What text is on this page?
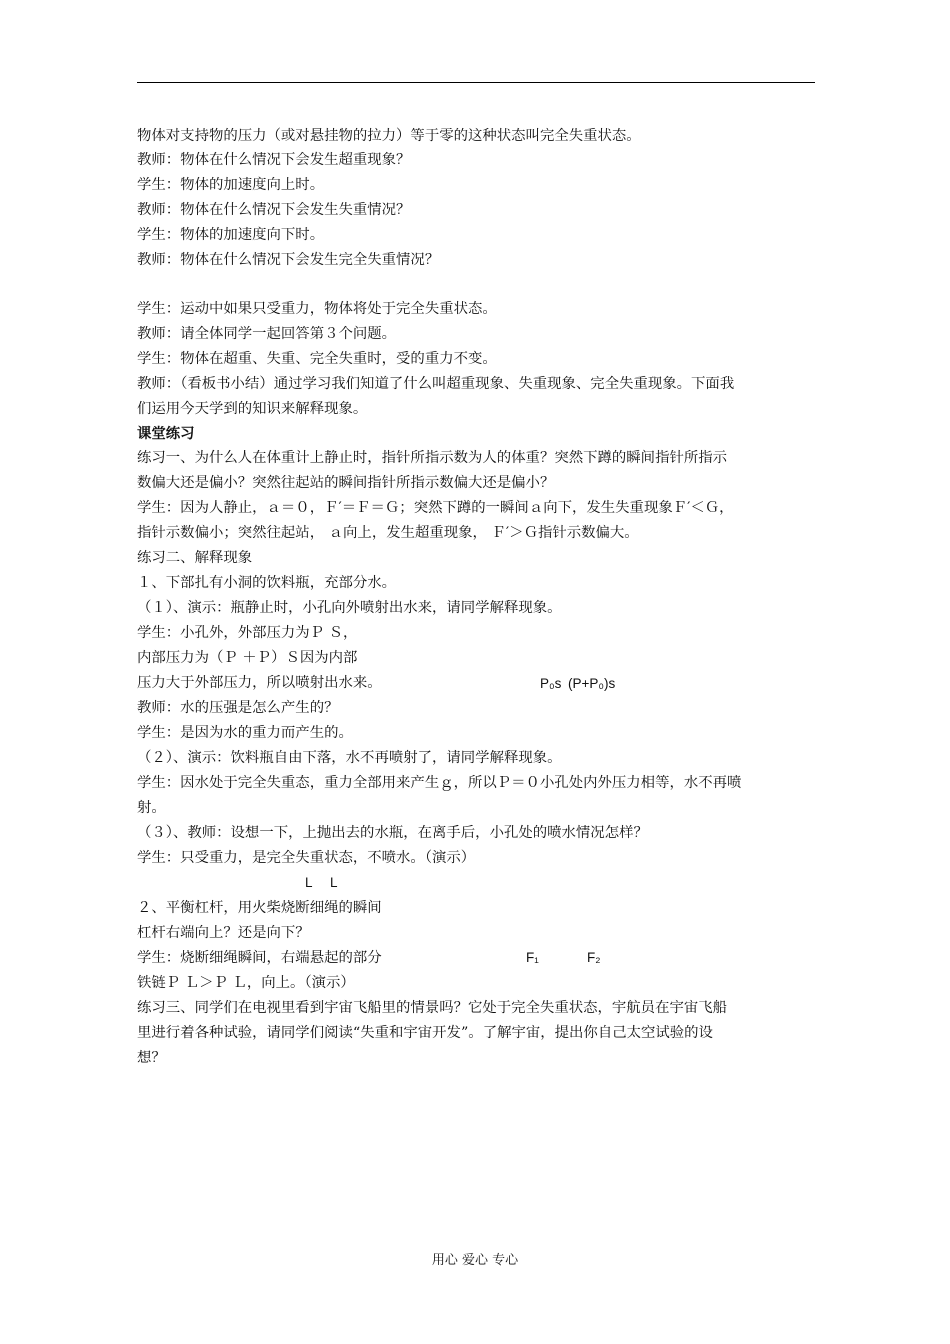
物体对支持物的压力（或对悬挂物的拉力）等于零的这种状态叫完全失重状态。
教师：物体在什么情况下会发生超重现象？
学生：物体的加速度向上时。
教师：物体在什么情况下会发生失重情况？
学生：物体的加速度向下时。
教师：物体在什么情况下会发生完全失重情况？
学生：运动中如果只受重力，物体将处于完全失重状态。
教师：请全体同学一起回答第３个问题。
学生：物体在超重、失重、完全失重时，受的重力不变。
教师：（看板书小结）通过学习我们知道了什么叫超重现象、失重现象、完全失重现象。下面我
们运用今天学到的知识来解释现象。
课堂练习
练习一、为什么人在体重计上静止时，指针所指示数为人的体重？突然下蹲的瞬间指针所指示
数偏大还是偏小？突然往起站的瞬间指针所指示数偏大还是偏小？
学生：因为人静止，ａ＝０，Ｆ′＝Ｆ＝Ｇ；突然下蹲的一瞬间ａ向下，发生失重现象Ｆ′＜Ｇ，
指针示数偏小；突然往起站， ａ向上，发生超重现象， Ｆ′＞Ｇ指针示数偏大。
练习二、解释现象
１、下部扎有小洞的饮料瓶，充部分水。
（１）、演示：瓶静止时，小孔向外喷射出水来，请同学解释现象。
学生：小孔外，外部压力为Ｐ Ｓ，
内部压力为（Ｐ ＋Ｐ）Ｓ因为内部
压力大于外部压力，所以喷射出水来。
教师：水的压强是怎么产生的？
学生：是因为水的重力而产生的。
（２）、演示：饮料瓶自由下落，水不再喷射了，请同学解释现象。
学生：因水处于完全失重态，重力全部用来产生ｇ，所以Ｐ＝０小孔处内外压力相等，水不再喷
射。
（３）、教师：设想一下，上抛出去的水瓶，在离手后，小孔处的喷水情况怎样？
学生：只受重力，是完全失重状态，不喷水。（演示）
２、平衡杠杆，用火柴烧断细绳的瞬间
杠杆右端向上？还是向下？
学生：烧断细绳瞬间，右端悬起的部分
铁链Ｐ Ｌ＞Ｐ Ｌ，向上。（演示）
练习三、同学们在电视里看到宇宙飞船里的情景吗？它处于完全失重状态，宇航员在宇宙飞船
里进行着各种试验，请同学们阅读“失重和宇宙开发”。了解宇宙，提出你自己太空试验的设
想？
P₀s (P+P₀)s
L L
F₁	F₂
用心 爱心 专心
